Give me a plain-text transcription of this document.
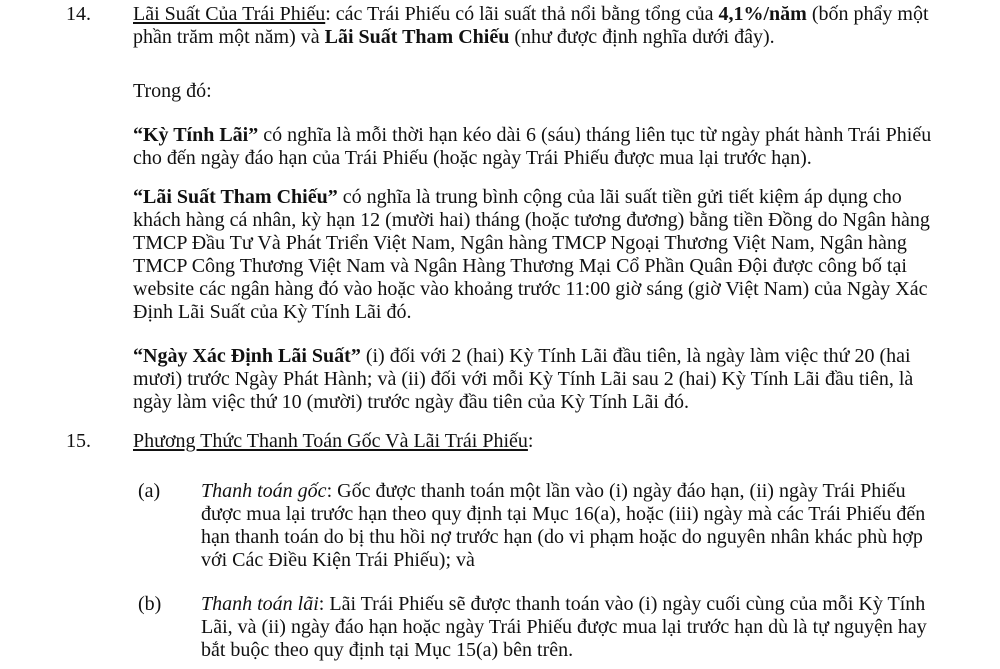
14. Lãi Suất Của Trái Phiếu: các Trái Phiếu có lãi suất thả nổi bằng tổng của 4,1%/năm (bốn phẩy một
phần trăm một năm) và Lãi Suất Tham Chiếu (như được định nghĩa dưới đây).
Trong đó:
“Kỳ Tính Lãi” có nghĩa là mỗi thời hạn kéo dài 6 (sáu) tháng liên tục từ ngày phát hành Trái Phiếu
cho đến ngày đáo hạn của Trái Phiếu (hoặc ngày Trái Phiếu được mua lại trước hạn).
“Lãi Suất Tham Chiếu” có nghĩa là trung bình cộng của lãi suất tiền gửi tiết kiệm áp dụng cho
khách hàng cá nhân, kỳ hạn 12 (mười hai) tháng (hoặc tương đương) bằng tiền Đồng do Ngân hàng
TMCP Đầu Tư Và Phát Triển Việt Nam, Ngân hàng TMCP Ngoại Thương Việt Nam, Ngân hàng
TMCP Công Thương Việt Nam và Ngân Hàng Thương Mại Cổ Phần Quân Đội được công bố tại
website các ngân hàng đó vào hoặc vào khoảng trước 11:00 giờ sáng (giờ Việt Nam) của Ngày Xác
Định Lãi Suất của Kỳ Tính Lãi đó.
“Ngày Xác Định Lãi Suất” (i) đối với 2 (hai) Kỳ Tính Lãi đầu tiên, là ngày làm việc thứ 20 (hai
mươi) trước Ngày Phát Hành; và (ii) đối với mỗi Kỳ Tính Lãi sau 2 (hai) Kỳ Tính Lãi đầu tiên, là
ngày làm việc thứ 10 (mười) trước ngày đầu tiên của Kỳ Tính Lãi đó.
15. Phương Thức Thanh Toán Gốc Và Lãi Trái Phiếu:
(a) Thanh toán gốc: Gốc được thanh toán một lần vào (i) ngày đáo hạn, (ii) ngày Trái Phiếu
được mua lại trước hạn theo quy định tại Mục 16(a), hoặc (iii) ngày mà các Trái Phiếu đến
hạn thanh toán do bị thu hồi nợ trước hạn (do vi phạm hoặc do nguyên nhân khác phù hợp
với Các Điều Kiện Trái Phiếu); và
(b) Thanh toán lãi: Lãi Trái Phiếu sẽ được thanh toán vào (i) ngày cuối cùng của mỗi Kỳ Tính
Lãi, và (ii) ngày đáo hạn hoặc ngày Trái Phiếu được mua lại trước hạn dù là tự nguyện hay
bắt buộc theo quy định tại Mục 15(a) bên trên.
